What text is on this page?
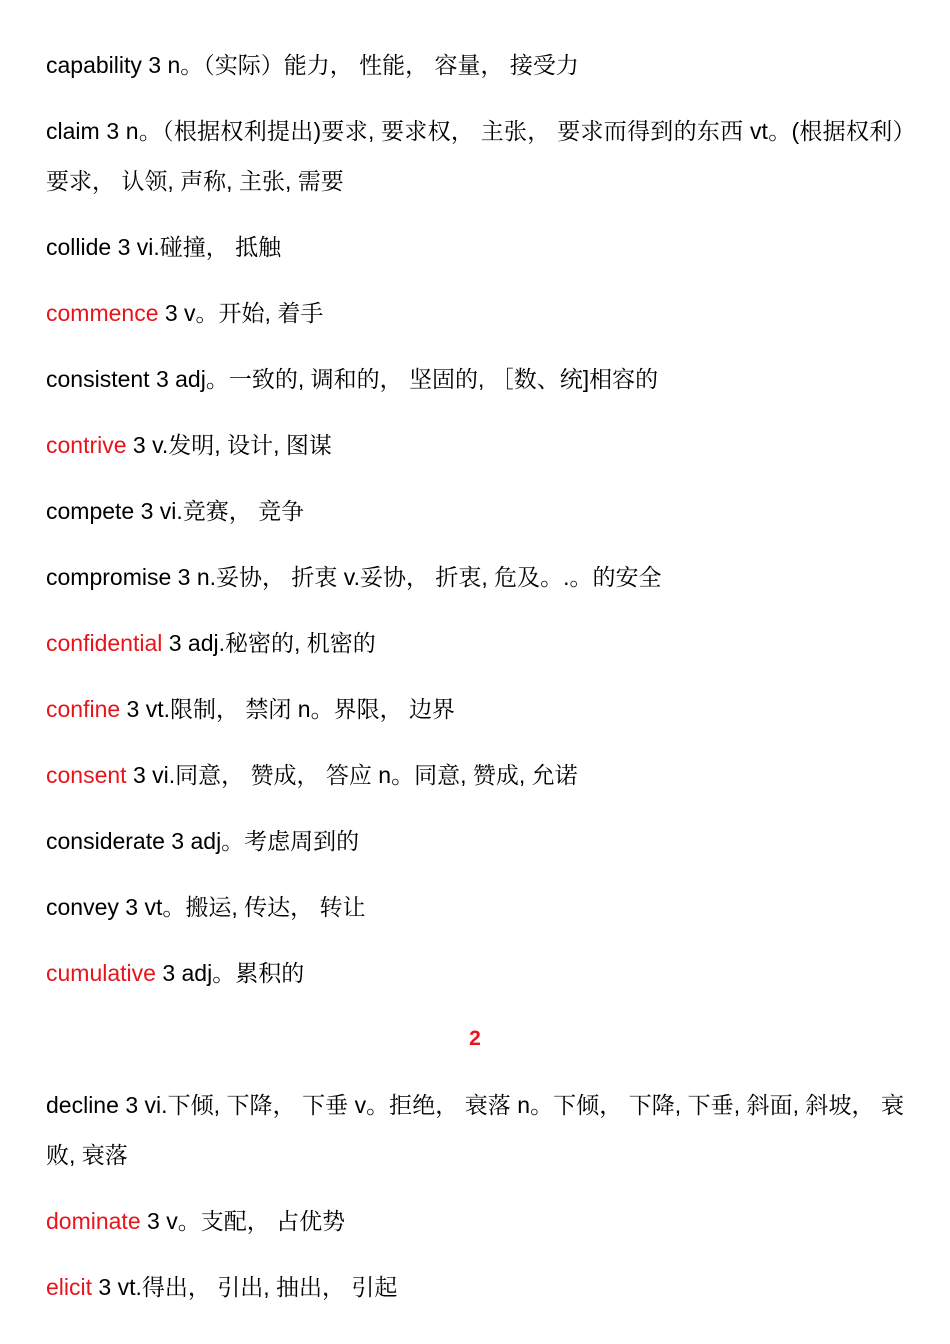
capability 3 n。（实际）能力， 性能， 容量， 接受力

claim 3 n。（根据权利提出)要求, 要求权， 主张， 要求而得到的东西 vt。(根据权利）要求， 认领, 声称, 主张, 需要

collide 3 vi.碰撞， 抵触

commence 3 v。开始, 着手

consistent 3 adj。一致的, 调和的， 坚固的, ［数、统]相容的

contrive 3 v.发明, 设计, 图谋

compete 3 vi.竞赛， 竞争

compromise 3 n.妥协， 折衷 v.妥协， 折衷, 危及。.。的安全

confidential 3 adj.秘密的, 机密的

confine 3 vt.限制， 禁闭 n。界限， 边界

consent 3 vi.同意， 赞成， 答应 n。同意, 赞成, 允诺

considerate 3 adj。考虑周到的

convey 3 vt。搬运, 传达， 转让

cumulative 3 adj。累积的

2

decline 3 vi.下倾, 下降， 下垂 v。拒绝， 衰落 n。下倾， 下降, 下垂, 斜面, 斜坡， 衰败, 衰落

dominate 3 v。支配， 占优势

elicit 3 vt.得出， 引出, 抽出， 引起
